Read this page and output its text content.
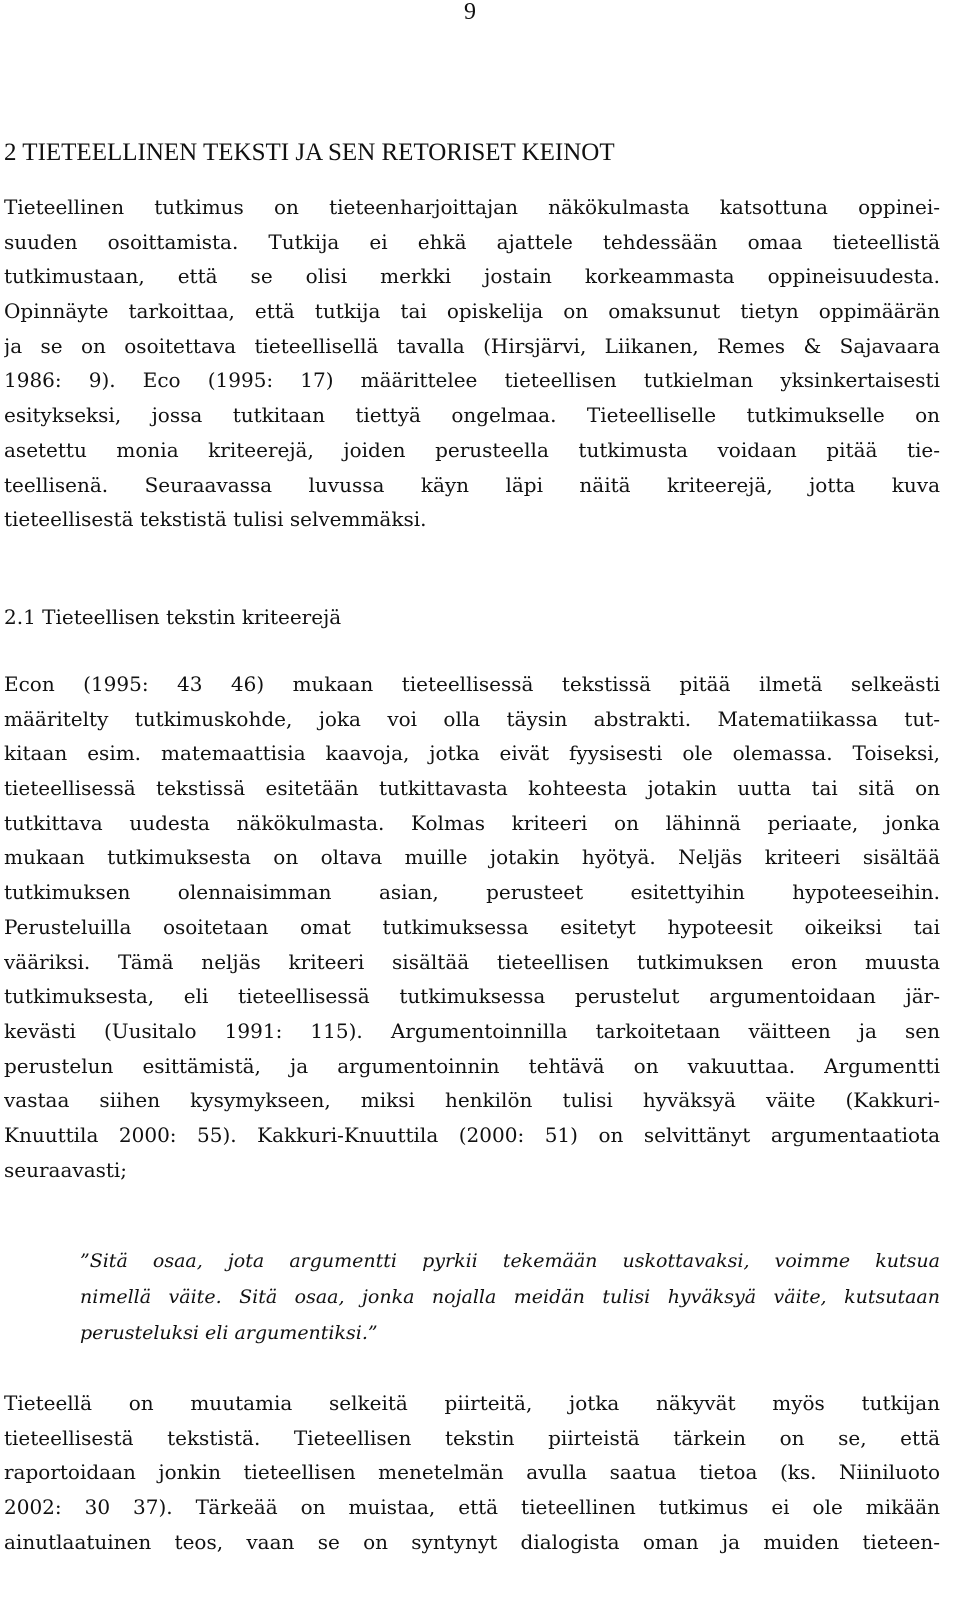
9
2 TIETEELLINEN TEKSTI JA SEN RETORISET KEINOT
Tieteellinen tutkimus on tieteenharjoittajan näkökulmasta katsottuna oppinei-
suuden osoittamista. Tutkija ei ehkä ajattele tehdessään omaa tieteellistä
tutkimustaan, että se olisi merkki jostain korkeammasta oppineisuudesta.
Opinnäyte tarkoittaa, että tutkija tai opiskelija on omaksunut tietyn oppimäärän
ja se on osoitettava tieteellisellä tavalla (Hirsjärvi, Liikanen, Remes & Sajavaara
1986: 9). Eco (1995: 17) määrittelee tieteellisen tutkielman yksinkertaisesti
esitykseksi, jossa tutkitaan tiettyä ongelmaa. Tieteelliselle tutkimukselle on
asetettu monia kriteerejä, joiden perusteella tutkimusta voidaan pitää tie-
teellisenä. Seuraavassa luvussa käyn läpi näitä kriteerejä, jotta kuva
tieteellisestä tekstistä tulisi selvemmäksi.
2.1 Tieteellisen tekstin kriteerejä
Econ (1995: 43 46) mukaan tieteellisessä tekstissä pitää ilmetä selkeästi
määritelty tutkimuskohde, joka voi olla täysin abstrakti. Matematiikassa tut-
kitaan esim. matemaattisia kaavoja, jotka eivät fyysisesti ole olemassa. Toiseksi,
tieteellisessä tekstissä esitetään tutkittavasta kohteesta jotakin uutta tai sitä on
tutkittava uudesta näkökulmasta. Kolmas kriteeri on lähinnä periaate, jonka
mukaan tutkimuksesta on oltava muille jotakin hyötyä. Neljäs kriteeri sisältää
tutkimuksen olennaisimman asian, perusteet esitettyihin hypoteeseihin.
Perusteluilla osoitetaan omat tutkimuksessa esitetyt hypoteesit oikeiksi tai
vääriksi. Tämä neljäs kriteeri sisältää tieteellisen tutkimuksen eron muusta
tutkimuksesta, eli tieteellisessä tutkimuksessa perustelut argumentoidaan jär-
kevästi (Uusitalo 1991: 115). Argumentoinnilla tarkoitetaan väitteen ja sen
perustelun esittämistä, ja argumentoinnin tehtävä on vakuuttaa. Argumentti
vastaa siihen kysymykseen, miksi henkilön tulisi hyväksyä väite (Kakkuri-
Knuuttila 2000: 55). Kakkuri-Knuuttila (2000: 51) on selvittänyt argumentaatiota
seuraavasti;
”Sitä osaa, jota argumentti pyrkii tekemään uskottavaksi, voimme kutsua
nimellä väite. Sitä osaa, jonka nojalla meidän tulisi hyväksyä väite, kutsutaan
perusteluksi eli argumentiksi.”
Tieteellä on muutamia selkeitä piirteitä, jotka näkyvät myös tutkijan
tieteellisestä tekstistä. Tieteellisen tekstin piirteistä tärkein on se, että
raportoidaan jonkin tieteellisen menetelmän avulla saatua tietoa (ks. Niiniluoto
2002: 30 37). Tärkeää on muistaa, että tieteellinen tutkimus ei ole mikään
ainutlaatuinen teos, vaan se on syntynyt dialogista oman ja muiden tieteen-
